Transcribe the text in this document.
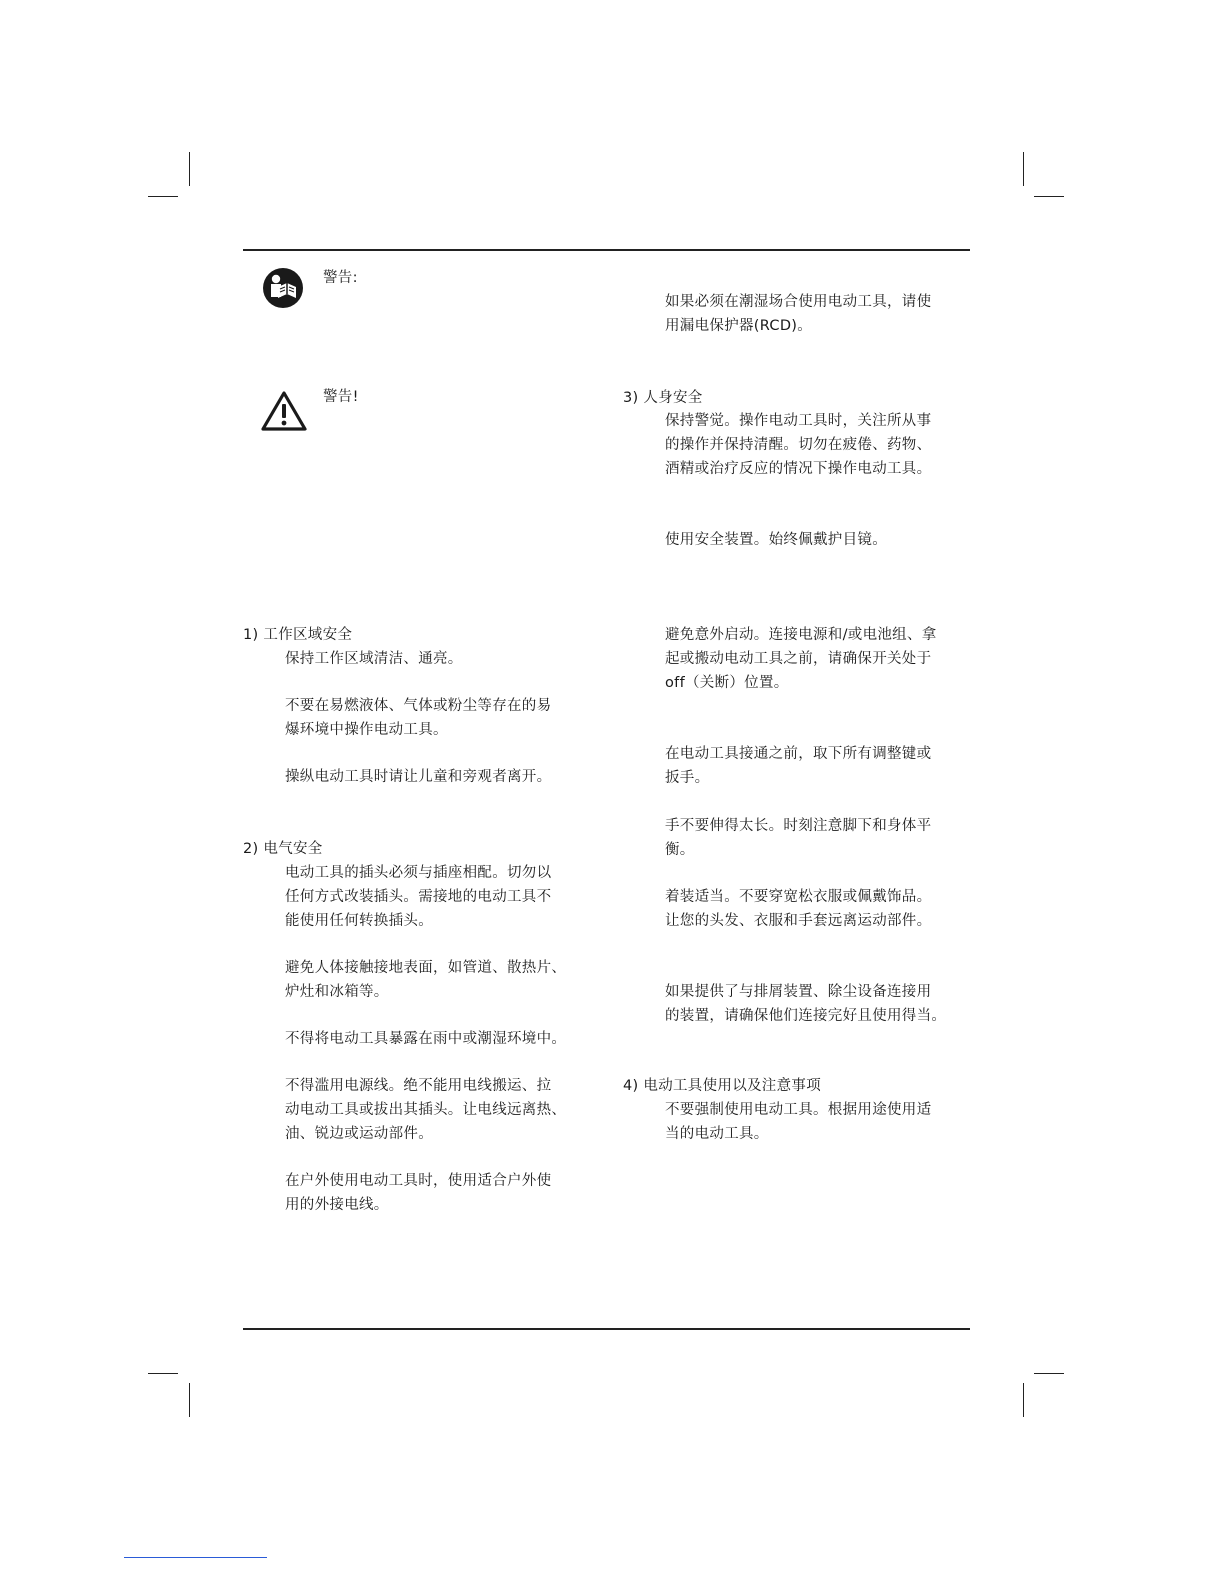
警告:
警告!
1) 工作区域安全
保持工作区域清洁、通亮。
不要在易燃液体、气体或粉尘等存在的易
爆环境中操作电动工具。
操纵电动工具时请让儿童和旁观者离开。
2) 电气安全
电动工具的插头必须与插座相配。切勿以
任何方式改装插头。需接地的电动工具不
能使用任何转换插头。
避免人体接触接地表面，如管道、散热片、
炉灶和冰箱等。
不得将电动工具暴露在雨中或潮湿环境中。
不得滥用电源线。绝不能用电线搬运、拉
动电动工具或拔出其插头。让电线远离热、
油、锐边或运动部件。
在户外使用电动工具时，使用适合户外使
用的外接电线。
如果必须在潮湿场合使用电动工具，请使
用漏电保护器(RCD)。
3) 人身安全
保持警觉。操作电动工具时，关注所从事
的操作并保持清醒。切勿在疲倦、药物、
酒精或治疗反应的情况下操作电动工具。
使用安全装置。始终佩戴护目镜。
避免意外启动。连接电源和/或电池组、拿
起或搬动电动工具之前，请确保开关处于
off（关断）位置。
在电动工具接通之前，取下所有调整键或
扳手。
手不要伸得太长。时刻注意脚下和身体平
衡。
着装适当。不要穿宽松衣服或佩戴饰品。
让您的头发、衣服和手套远离运动部件。
如果提供了与排屑装置、除尘设备连接用
的装置，请确保他们连接完好且使用得当。
4) 电动工具使用以及注意事项
不要强制使用电动工具。根据用途使用适
当的电动工具。
